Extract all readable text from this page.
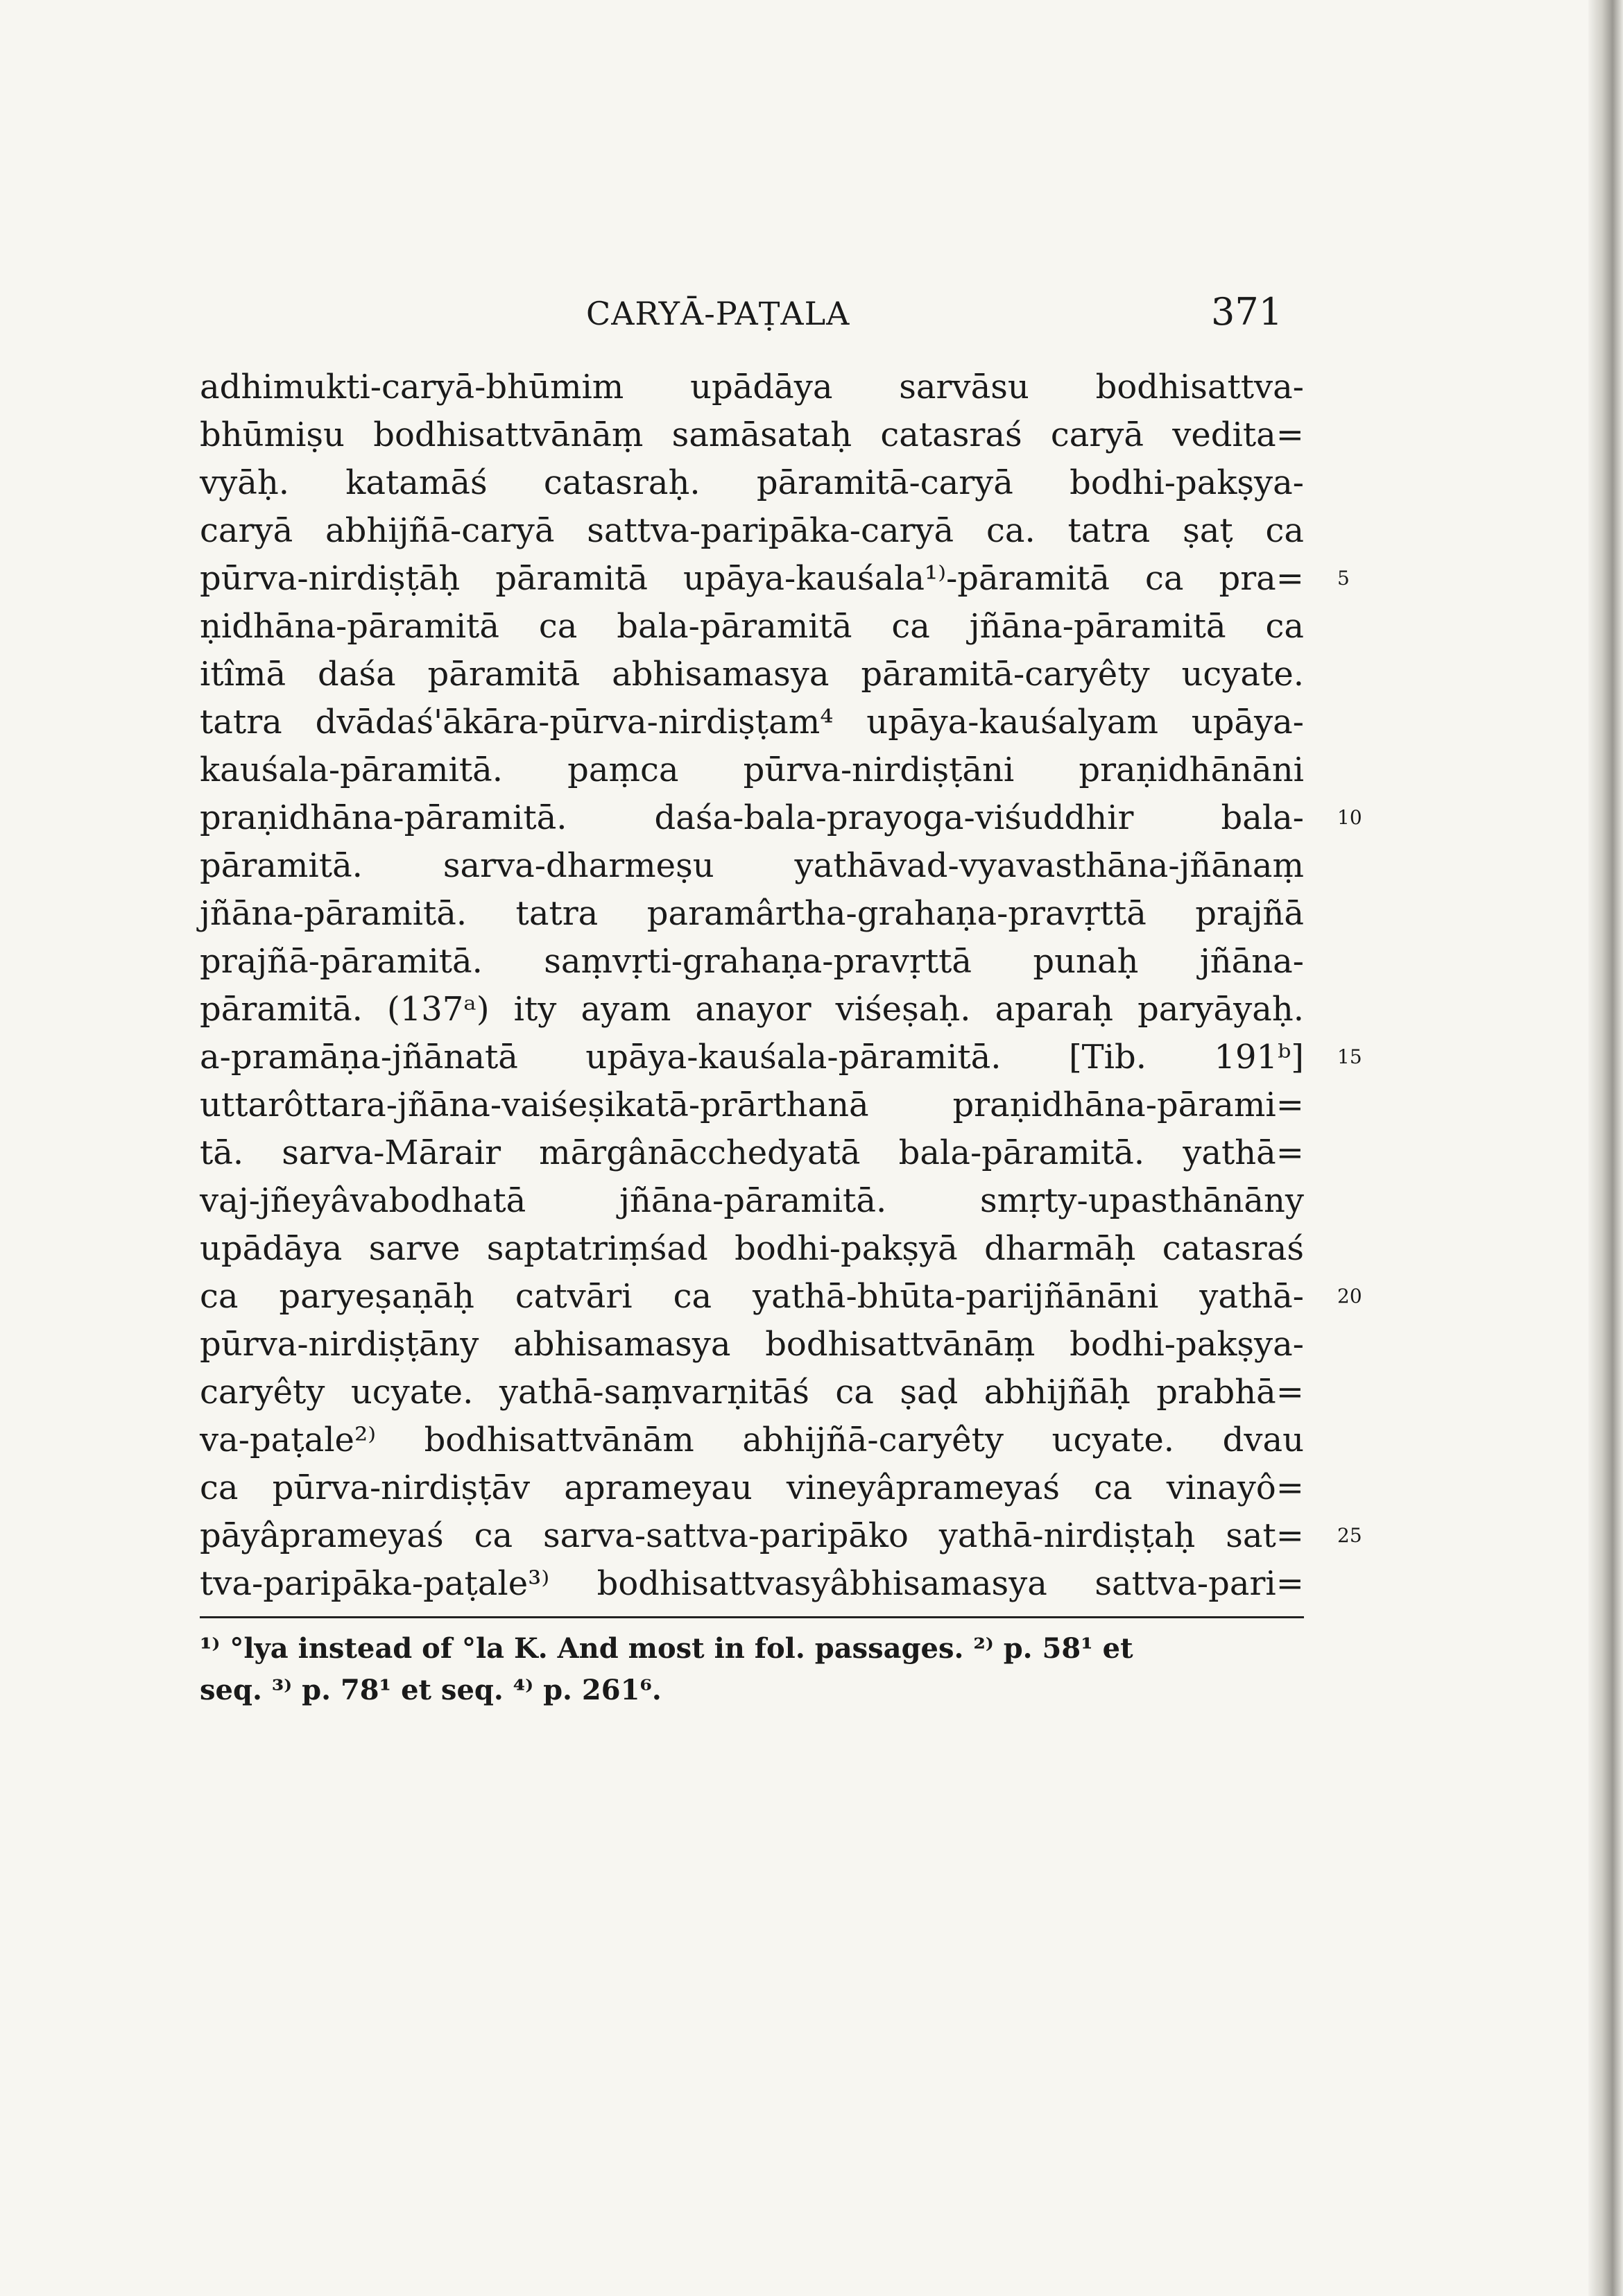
CARYĀ-PAṬALA	371
adhimukti-caryā-bhūmim upādāya sarvāsu bodhisattva-
bhūmiṣu bodhisattvānāṃ samāsataḥ catasraś caryā vedita=
vyāḥ. katamāś catasraḥ. pāramitā-caryā bodhi-pakṣya-
caryā abhijñā-caryā sattva-paripāka-caryā ca. tatra ṣaṭ ca
pūrva-nirdiṣṭāḥ pāramitā upāya-kauśala¹⁾-pāramitā ca pra=
ṇidhāna-pāramitā ca bala-pāramitā ca jñāna-pāramitā ca
itîmā daśa pāramitā abhisamasya pāramitā-caryêty ucyate.
tatra dvādaś'ākāra-pūrva-nirdiṣṭam⁴ upāya-kauśalyam upāya-
kauśala-pāramitā. paṃca pūrva-nirdiṣṭāni praṇidhānāni
praṇidhāna-pāramitā. daśa-bala-prayoga-viśuddhir bala-
pāramitā. sarva-dharmeṣu yathāvad-vyavasthāna-jñānaṃ
jñāna-pāramitā. tatra paramârtha-grahaṇa-pravṛttā prajñā
prajñā-pāramitā. saṃvṛti-grahaṇa-pravṛttā punaḥ jñāna-
pāramitā. (137ᵃ) ity ayam anayor viśeṣaḥ. aparaḥ paryāyaḥ.
a-pramāṇa-jñānatā upāya-kauśala-pāramitā. [Tib. 191ᵇ]
uttarôttara-jñāna-vaiśeṣikatā-prārthanā praṇidhāna-pārami=
tā. sarva-Mārair mārgânācchedyatā bala-pāramitā. yathā=
vaj-jñeyâvabodhatā jñāna-pāramitā. smṛty-upasthānāny
upādāya sarve saptatriṃśad bodhi-pakṣyā dharmāḥ catasraś
ca paryeṣaṇāḥ catvāri ca yathā-bhūta-parijñānāni yathā-
pūrva-nirdiṣṭāny abhisamasya bodhisattvānāṃ bodhi-pakṣya-
caryêty ucyate. yathā-saṃvarṇitāś ca ṣaḍ abhijñāḥ prabhā=
va-paṭale²⁾ bodhisattvānām abhijñā-caryêty ucyate. dvau
ca pūrva-nirdiṣṭāv aprameyau vineyâprameyaś ca vinayô=
pāyâprameyaś ca sarva-sattva-paripāko yathā-nirdiṣṭaḥ sat=
tva-paripāka-paṭale³⁾ bodhisattvasyâbhisamasya sattva-pari=
5
10
15
20
25
¹⁾ °lya instead of °la K. And most in fol. passages. ²⁾ p. 58¹ et
seq. ³⁾ p. 78¹ et seq. ⁴⁾ p. 261⁶.
